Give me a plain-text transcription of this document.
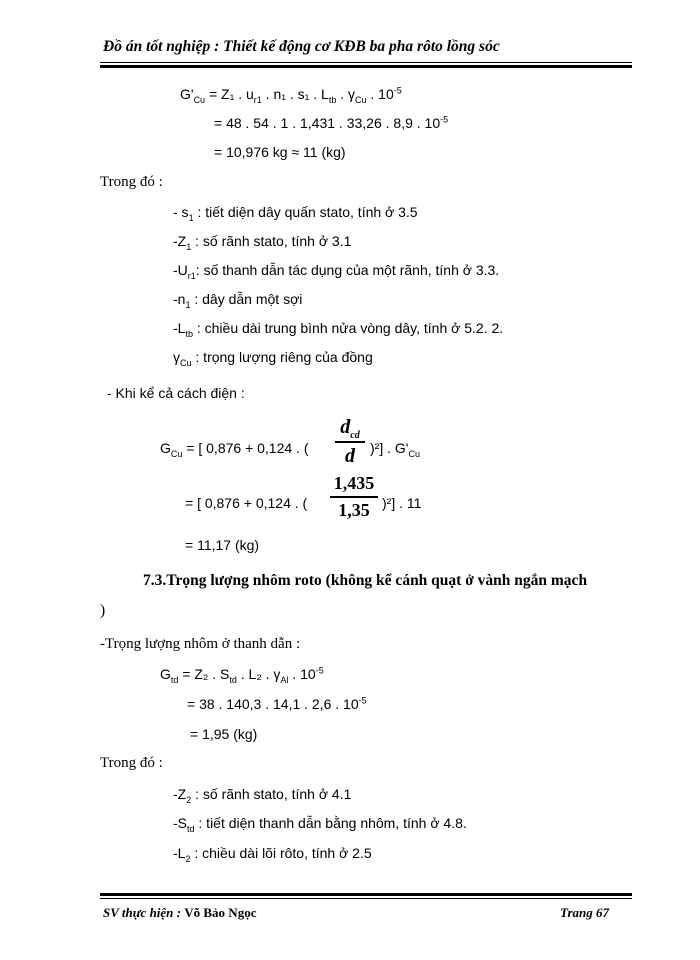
Đồ án tốt nghiệp : Thiết kế động cơ KĐB ba pha rôto lồng sóc
$G'_{Cu} = Z_1$ . $u_{r1}$ . n₁ . s₁ . $L_{tb}$ . $\gamma_{Cu}$ . $10^{-5}$
= 48 . 54 . 1 . 1,431 . 33,26 . 8,9 . $10^{-5}$
= 10,976 kg ≈ 11 (kg)
Trong đó :
- $s_1$ : tiết diện dây quấn stato, tính ở 3.5
$-Z_1$ : số rãnh stato, tính ở 3.1
$-U_{r1}$: số thanh dẫn tác dụng của một rãnh, tính ở 3.3.
$-n_1$ : dây dẫn một sợi
$-L_{tb}$ : chiều dài trung bình nửa vòng dây, tính ở 5.2. 2.
$\gamma_{Cu}$ : trọng lượng riêng của đồng
- Khi kể cả cách điện :
$G_{Cu}$ = [ 0,876 + 0,124 . (
$d_{cd}$
d	)²] . $G'_{Cu}$
= [ 0,876 + 0,124 . (
1,435
1,35 )²] . 11
= 11,17 (kg)
7.3.Trọng lượng nhôm roto (không kể cánh quạt ở vành ngắn mạch
)
-Trọng lượng nhôm ở thanh dẫn :
$G_{td} = Z_2$ . $S_{td}$ . L₂ . $\gamma_{Al}$ . $10^{-5}$
= 38 . 140,3 . 14,1 . 2,6 . $10^{-5}$
= 1,95 (kg)
Trong đó :
$-Z_2$ : số rãnh stato, tính ở 4.1
$-S_{td}$ : tiết diện thanh dẫn bằng nhôm, tính ở 4.8.
$-L_2$ : chiều dài lõi rôto, tính ở 2.5
SV thực hiện : Võ Bảo Ngọc	Trang 67
